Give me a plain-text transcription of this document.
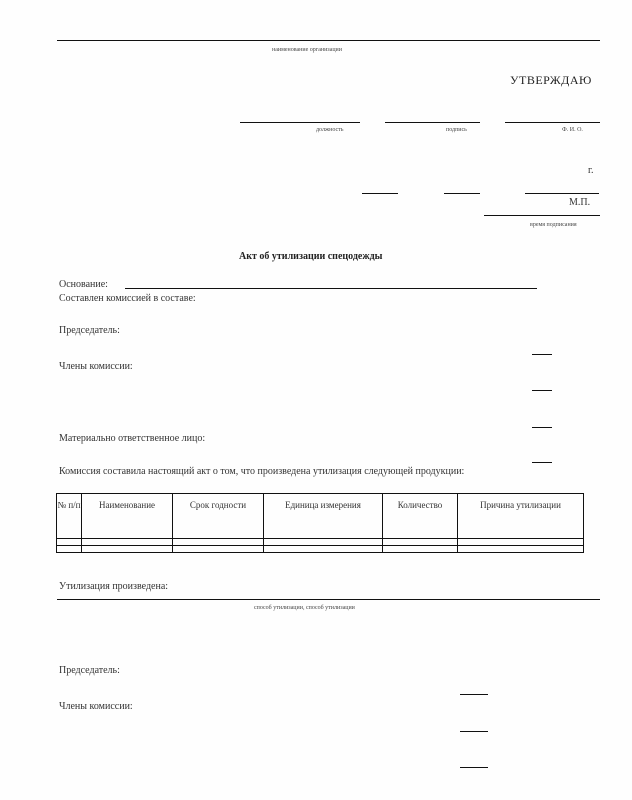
наименование организации
УТВЕРЖДАЮ
должность	подпись	Ф. И. О.
г.
М.П.
время подписания
Акт об утилизации спецодежды
Основание:
Составлен комиссией в составе:
Председатель:
Члены комиссии:
Материально ответственное лицо:
Комиссия составила настоящий акт о том, что произведена утилизация следующей продукции:
№ п/п	Наименование	Срок годности	Единица измерения	Количество	Причина утилизации

Утилизация произведена:
способ утилизации, способ утилизации
Председатель:
Члены комиссии:
